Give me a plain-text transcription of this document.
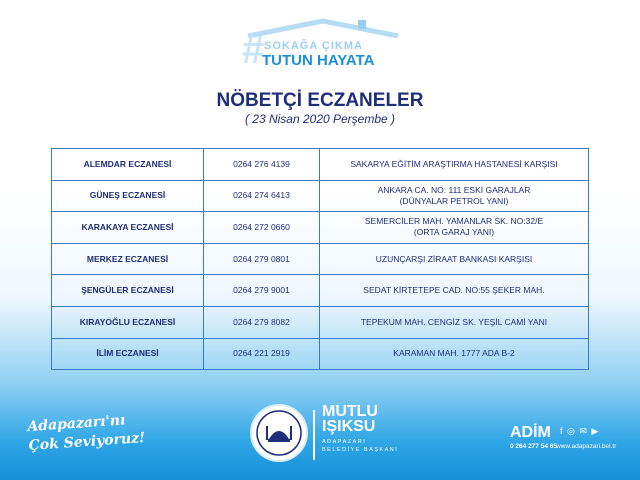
# SOKAĞA ÇIKMA
TUTUN HAYATA
NÖBETÇİ ECZANELER
( 23 Nisan 2020 Perşembe )
ALEMDAR ECZANESİ	0264 276 4139	SAKARYA EĞİTİM ARAŞTIRMA HASTANESİ KARŞISI
GÜNEŞ ECZANESİ	0264 274 6413	ANKARA CA. NO: 111 ESKİ GARAJLAR
(DÜNYALAR PETROL YANI)
KARAKAYA ECZANESİ	0264 272 0660	SEMERCİLER MAH. YAMANLAR SK. NO:32/E
(ORTA GARAJ YANI)
MERKEZ ECZANESİ	0264 279 0801	UZUNÇARŞI ZİRAAT BANKASI KARŞISI
ŞENGÜLER ECZANESİ	0264 279 9001	SEDAT KİRTETEPE CAD. NO:55 ŞEKER MAH.
KIRAYOĞLU ECZANESİ	0264 279 8082	TEPEKUM MAH. CENGİZ SK. YEŞİL CAMİ YANI
İLİM ECZANESİ	0264 221 2919	KARAMAN MAH. 1777 ADA B-2
Adapazarı'nı
Çok Seviyoruz!
MUTLU
IŞIKSU
ADAPAZARI
BELEDİYE BAŞKANI
ADİM
0 264 277 54 65
f ◎ ✉ ▶
www.adapazari.bel.tr
